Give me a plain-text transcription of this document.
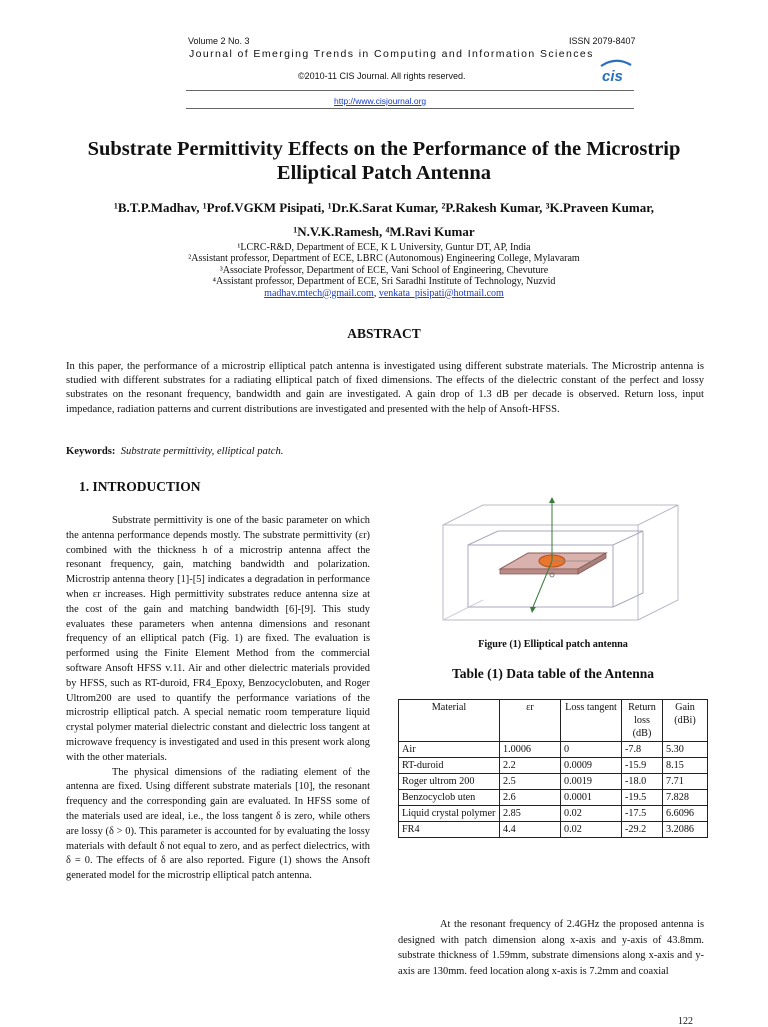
Volume 2 No. 3	ISSN 2079-8407
Journal of Emerging Trends in Computing and Information Sciences
©2010-11 CIS Journal. All rights reserved.
http://www.cisjournal.org
cis
Substrate Permittivity Effects on the Performance of the Microstrip
Elliptical Patch Antenna
¹B.T.P.Madhav, ¹Prof.VGKM Pisipati, ¹Dr.K.Sarat Kumar, ²P.Rakesh Kumar, ³K.Praveen Kumar,
¹N.V.K.Ramesh, ⁴M.Ravi Kumar
¹LCRC-R&D, Department of ECE, K L University, Guntur DT, AP, India
²Assistant professor, Department of ECE, LBRC (Autonomous) Engineering College, Mylavaram
³Associate Professor, Department of ECE, Vani School of Engineering, Chevuture
⁴Assistant professor, Department of ECE, Sri Saradhi Institute of Technology, Nuzvid
madhav.mtech@gmail.com, venkata_pisipati@hotmail.com
ABSTRACT
In this paper, the performance of a microstrip elliptical patch antenna is investigated using different substrate materials. The Microstrip antenna is studied with different substrates for a radiating elliptical patch of fixed dimensions. The effects of the dielectric constant of the perfect and lossy substrates on the resonant frequency, bandwidth and gain are investigated. A gain drop of 1.3 dB per decade is observed. Return loss, input impedance, radiation patterns and current distributions are investigated and presented with the help of Ansoft-HFSS.
Keywords: Substrate permittivity, elliptical patch.
1. INTRODUCTION

Substrate permittivity is one of the basic parameter on which the antenna performance depends mostly. The substrate permittivity (εr) combined with the thickness h of a microstrip antenna affect the resonant frequency, gain, matching bandwidth and polarization. Microstrip antenna theory [1]-[5] indicates a degradation in performance when εr increases. High permittivity substrates reduce antenna size at the cost of the gain and matching bandwidth [6]-[9]. This study evaluates these parameters when antenna dimensions and resonant frequency of an elliptical patch (Fig. 1) are fixed. The evaluation is performed using the Finite Element Method from the commercial software Ansoft HFSS v.11. Air and other dielectric materials provided by HFSS, such as RT-duroid, FR4_Epoxy, Benzocyclobuten, and Roger Ultrom200 are used to quantify the performance variations of the microstrip elliptical patch. A special nematic room temperature liquid crystal polymer material dielectric constant and dielectric loss tangent at microwave frequency is investigated and used in this present work along with the other materials.

The physical dimensions of the radiating element of the antenna are fixed. Using different substrate materials [10], the resonant frequency and the corresponding gain are evaluated. In HFSS some of the materials used are ideal, i.e., the loss tangent δ is zero, while others are lossy (δ > 0). This parameter is accounted for by evaluating the lossy materials with default δ not equal to zero, and as perfect dielectrics, with δ = 0. The effects of δ are also reported. Figure (1) shows the Ansoft generated model for the microstrip elliptical patch antenna.

Figure (1) Elliptical patch antenna
Table (1) Data table of the Antenna
Material	εr	Loss tangent	Return loss (dB)	Gain (dBi)
Air	1.0006	0	-7.8	5.30
RT-duroid	2.2	0.0009	-15.9	8.15
Roger ultrom 200	2.5	0.0019	-18.0	7.71
Benzocyclob uten	2.6	0.0001	-19.5	7.828
Liquid crystal polymer	2.85	0.02	-17.5	6.6096
FR4	4.4	0.02	-29.2	3.2086

At the resonant frequency of 2.4GHz the proposed antenna is designed with patch dimension along x-axis and y-axis of 43.8mm. substrate thickness of 1.59mm, substrate dimensions along x-axis and y-axis are 130mm. feed location along x-axis is 7.2mm and coaxial

122
